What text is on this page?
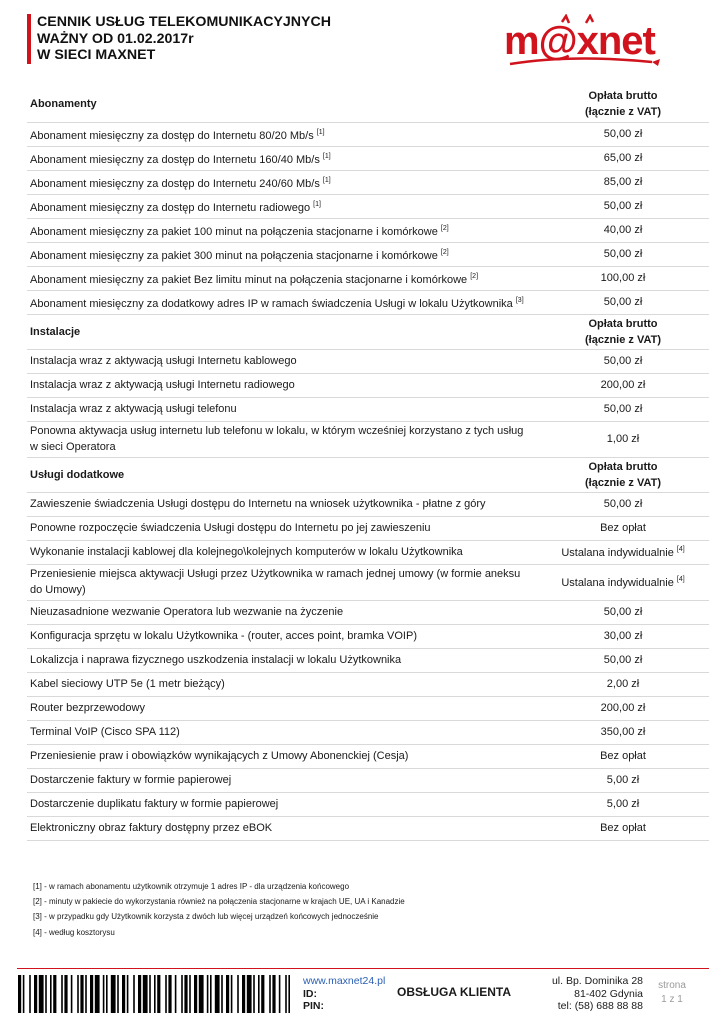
CENNIK USŁUG TELEKOMUNIKACYJNYCH
WAŻNY OD 01.02.2017r
W SIECI MAXNET	m@xnet
Abonamenty	Opłata brutto
(łącznie z VAT)

Abonament miesięczny za dostęp do Internetu 80/20 Mb/s [1]	50,00 zł
Abonament miesięczny za dostęp do Internetu 160/40 Mb/s [1]	65,00 zł
Abonament miesięczny za dostęp do Internetu 240/60 Mb/s [1]	85,00 zł
Abonament miesięczny za dostęp do Internetu radiowego [1]	50,00 zł
Abonament miesięczny za pakiet 100 minut na połączenia stacjonarne i komórkowe [2]	40,00 zł
Abonament miesięczny za pakiet 300 minut na połączenia stacjonarne i komórkowe [2]	50,00 zł
Abonament miesięczny za pakiet Bez limitu minut na połączenia stacjonarne i komórkowe [2]	100,00 zł
Abonament miesięczny za dodatkowy adres IP w ramach świadczenia Usługi w lokalu Użytkownika [3]	50,00 zł
Instalacje	Opłata brutto
(łącznie z VAT)

Instalacja wraz z aktywacją usługi Internetu kablowego	50,00 zł
Instalacja wraz z aktywacją usługi Internetu radiowego	200,00 zł
Instalacja wraz z aktywacją usługi telefonu	50,00 zł
Ponowna aktywacja usług internetu lub telefonu w lokalu, w którym wcześniej korzystano z tych usług w sieci Operatora	1,00 zł
Usługi dodatkowe	Opłata brutto
(łącznie z VAT)

Zawieszenie świadczenia Usługi dostępu do Internetu na wniosek użytkownika - płatne z góry	50,00 zł
Ponowne rozpoczęcie świadczenia Usługi dostępu do Internetu po jej zawieszeniu	Bez opłat
Wykonanie instalacji kablowej dla kolejnego\kolejnych komputerów w lokalu Użytkownika	Ustalana indywidualnie [4]
Przeniesienie miejsca aktywacji Usługi przez Użytkownika w ramach jednej umowy (w formie aneksu do Umowy)	Ustalana indywidualnie [4]
Nieuzasadnione wezwanie Operatora lub wezwanie na życzenie	50,00 zł
Konfiguracja sprzętu w lokalu Użytkownika - (router, acces point, bramka VOIP)	30,00 zł
Lokalizcja i naprawa fizycznego uszkodzenia instalacji w lokalu Użytkownika	50,00 zł
Kabel sieciowy UTP 5e (1 metr bieżący)	2,00 zł
Router bezprzewodowy	200,00 zł
Terminal VoIP (Cisco SPA 112)	350,00 zł
Przeniesienie praw i obowiązków wynikających z Umowy Abonenckiej (Cesja)	Bez opłat
Dostarczenie faktury w formie papierowej	5,00 zł
Dostarczenie duplikatu faktury w formie papierowej	5,00 zł
Elektroniczny obraz faktury dostępny przez eBOK	Bez opłat
[1] - w ramach abonamentu użytkownik otrzymuje 1 adres IP - dla urządzenia końcowego
[2] - minuty w pakiecie do wykorzystania również na połączenia stacjonarne w krajach UE, UA i Kanadzie
[3] - w przypadku gdy Użytkownik korzysta z dwóch lub więcej urządzeń końcowych jednocześnie
[4] - według kosztorysu
www.maxnet24.pl
ID:
PIN:
OBSŁUGA KLIENTA
ul. Bp. Dominika 28
81-402 Gdynia
tel: (58) 688 88 88
strona
1 z 1
